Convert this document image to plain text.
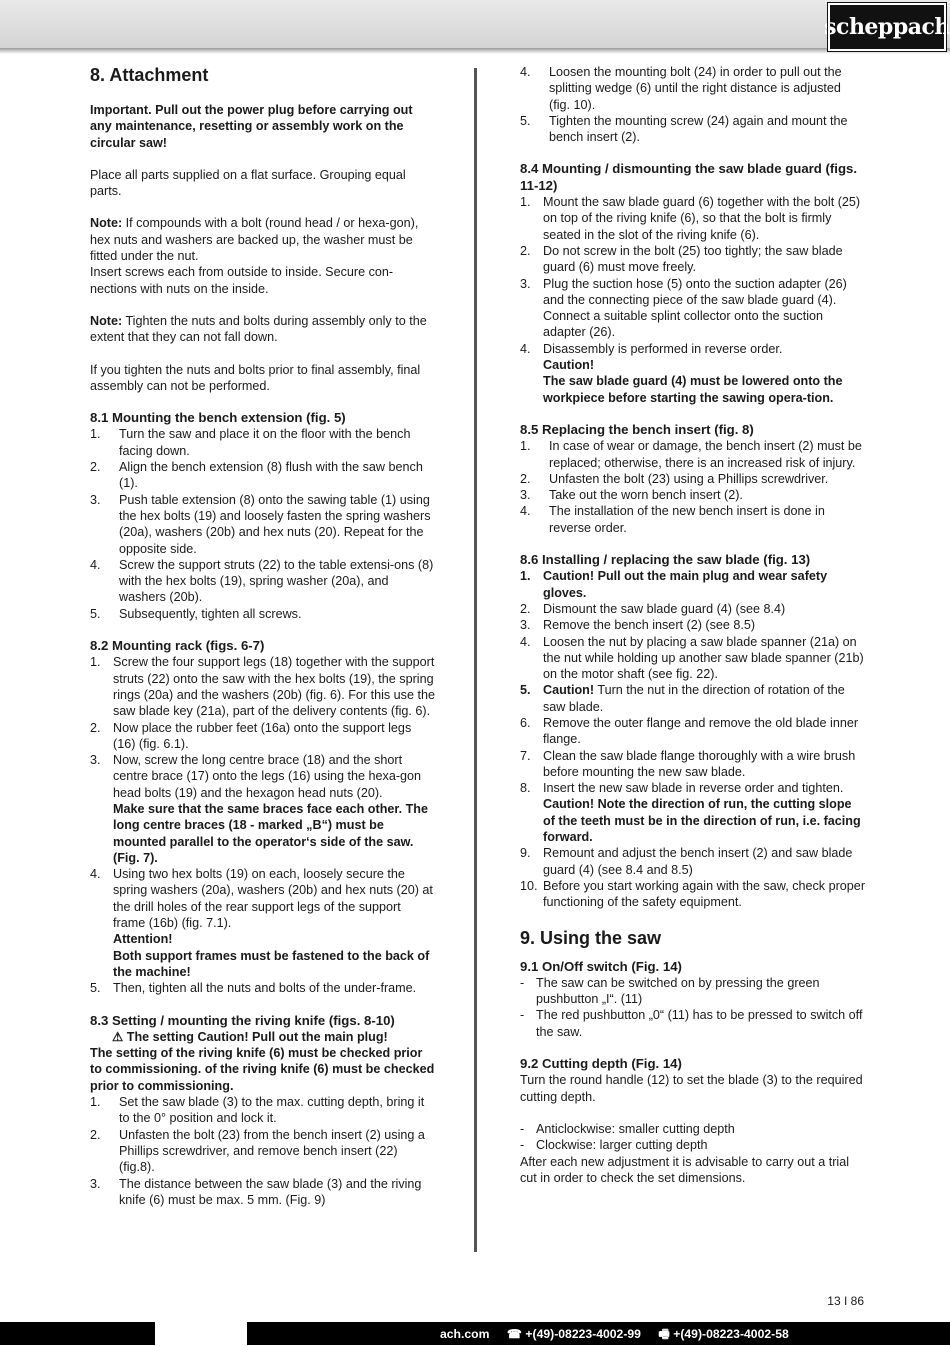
scheppach
8. Attachment

Important. Pull out the power plug before carrying out any maintenance, resetting or assembly work on the circular saw!

Place all parts supplied on a flat surface. Grouping equal parts.

Note: If compounds with a bolt (round head / or hexa-gon), hex nuts and washers are backed up, the washer must be fitted under the nut.

Insert screws each from outside to inside. Secure con-nections with nuts on the inside.

Note: Tighten the nuts and bolts during assembly only to the extent that they can not fall down.

If you tighten the nuts and bolts prior to final assembly, final assembly can not be performed.

8.1 Mounting the bench extension (fig. 5)
1. Turn the saw and place it on the floor with the bench facing down.
2. Align the bench extension (8) flush with the saw bench (1).
3. Push table extension (8) onto the sawing table (1) using the hex bolts (19) and loosely fasten the spring washers (20a), washers (20b) and hex nuts (20). Repeat for the opposite side.
4. Screw the support struts (22) to the table extensi-ons (8) with the hex bolts (19), spring washer (20a), and washers (20b).
5. Subsequently, tighten all screws.
8.2 Mounting rack (figs. 6-7)
1. Screw the four support legs (18) together with the support struts (22) onto the saw with the hex bolts (19), the spring rings (20a) and the washers (20b) (fig. 6). For this use the saw blade key (21a), part of the delivery contents (fig. 6).
2. Now place the rubber feet (16a) onto the support legs (16) (fig. 6.1).
3. Now, screw the long centre brace (18) and the short centre brace (17) onto the legs (16) using the hexa-gon head bolts (19) and the hexagon head nuts (20).
Make sure that the same braces face each other. The long centre braces (18 - marked „B“) must be mounted parallel to the operator‘s side of the saw. (Fig. 7).
4. Using two hex bolts (19) on each, loosely secure the spring washers (20a), washers (20b) and hex nuts (20) at the drill holes of the rear support legs of the support frame (16b) (fig. 7.1).
Attention!
Both support frames must be fastened to the back of the machine!
5. Then, tighten all the nuts and bolts of the under-frame.
8.3 Setting / mounting the riving knife (figs. 8-10)

⚠ The setting Caution! Pull out the main plug!

The setting of the riving knife (6) must be checked prior to commissioning. of the riving knife (6) must be checked prior to commissioning.

1. Set the saw blade (3) to the max. cutting depth, bring it to the 0° position and lock it.
2. Unfasten the bolt (23) from the bench insert (2) using a Phillips screwdriver, and remove bench insert (22) (fig.8).
3. The distance between the saw blade (3) and the riving knife (6) must be max. 5 mm. (Fig. 9)
4. Loosen the mounting bolt (24) in order to pull out the splitting wedge (6) until the right distance is adjusted (fig. 10).
5. Tighten the mounting screw (24) again and mount the bench insert (2).
8.4 Mounting / dismounting the saw blade guard (figs. 11-12)
1. Mount the saw blade guard (6) together with the bolt (25) on top of the riving knife (6), so that the bolt is firmly seated in the slot of the riving knife (6).
2. Do not screw in the bolt (25) too tightly; the saw blade guard (6) must move freely.
3. Plug the suction hose (5) onto the suction adapter (26) and the connecting piece of the saw blade guard (4). Connect a suitable splint collector onto the suction adapter (26).
4. Disassembly is performed in reverse order.
Caution!
The saw blade guard (4) must be lowered onto the workpiece before starting the sawing opera-tion.
8.5 Replacing the bench insert (fig. 8)
1. In case of wear or damage, the bench insert (2) must be replaced; otherwise, there is an increased risk of injury.
2. Unfasten the bolt (23) using a Phillips screwdriver.
3. Take out the worn bench insert (2).
4. The installation of the new bench insert is done in reverse order.
8.6 Installing / replacing the saw blade (fig. 13)
1. Caution! Pull out the main plug and wear safety gloves.
2. Dismount the saw blade guard (4) (see 8.4)
3. Remove the bench insert (2) (see 8.5)
4. Loosen the nut by placing a saw blade spanner (21a) on the nut while holding up another saw blade spanner (21b) on the motor shaft (see fig. 22).
5. Caution! Turn the nut in the direction of rotation of the saw blade.
6. Remove the outer flange and remove the old blade inner flange.
7. Clean the saw blade flange thoroughly with a wire brush before mounting the new saw blade.
8. Insert the new saw blade in reverse order and tighten.
Caution! Note the direction of run, the cutting slope of the teeth must be in the direction of run, i.e. facing forward.
9. Remount and adjust the bench insert (2) and saw blade guard (4) (see 8.4 and 8.5)
10. Before you start working again with the saw, check proper functioning of the safety equipment.
9. Using the saw
9.1 On/Off switch (Fig. 14)
- The saw can be switched on by pressing the green pushbutton „I“. (11)
- The red pushbutton „0“ (11) has to be pressed to switch off the saw.
9.2 Cutting depth (Fig. 14)

Turn the round handle (12) to set the blade (3) to the required cutting depth.

- Anticlockwise: smaller cutting depth
- Clockwise: larger cutting depth

After each new adjustment it is advisable to carry out a trial cut in order to check the set dimensions.

13 I 86
ach.com ☎ +(49)-08223-4002-99 🖷 +(49)-08223-4002-58
